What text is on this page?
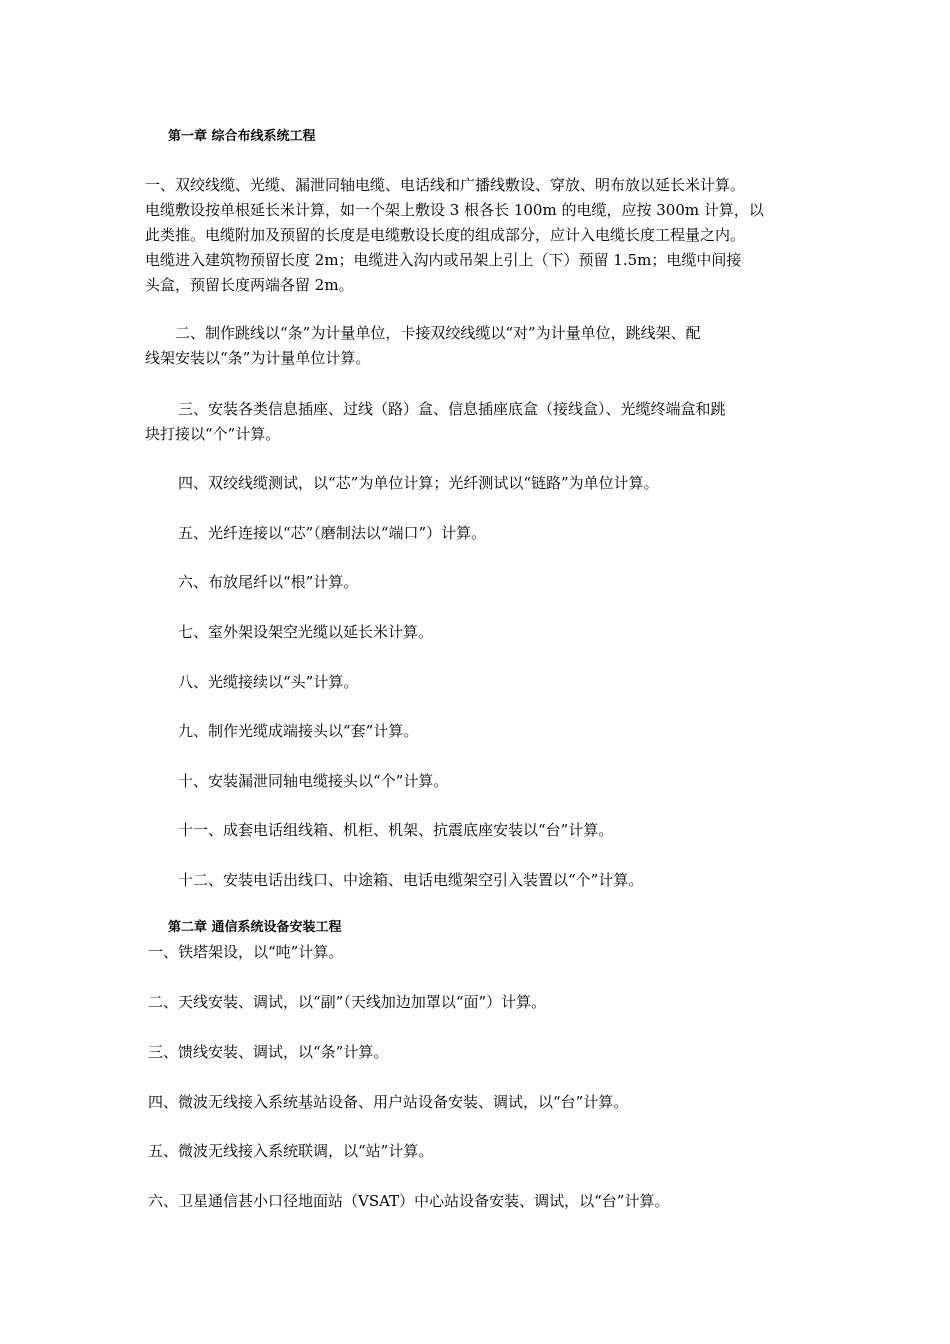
第一章 综合布线系统工程
一、双绞线缆、光缆、漏泄同轴电缆、电话线和广播线敷设、穿放、明布放以延长米计算。
电缆敷设按单根延长米计算，如一个架上敷设 3 根各长 100m 的电缆，应按 300m 计算，以
此类推。电缆附加及预留的长度是电缆敷设长度的组成部分，应计入电缆长度工程量之内。
电缆进入建筑物预留长度 2m；电缆进入沟内或吊架上引上（下）预留 1.5m；电缆中间接
头盒，预留长度两端各留 2m。
二、制作跳线以“条”为计量单位，卡接双绞线缆以“对”为计量单位，跳线架、配
线架安装以“条”为计量单位计算。
三、安装各类信息插座、过线（路）盒、信息插座底盒（接线盒）、光缆终端盒和跳
块打接以“个”计算。
四、双绞线缆测试，以“芯”为单位计算；光纤测试以“链路”为单位计算。
五、光纤连接以“芯”（磨制法以“端口”）计算。
六、布放尾纤以“根”计算。
七、室外架设架空光缆以延长米计算。
八、光缆接续以“头”计算。
九、制作光缆成端接头以“套”计算。
十、安装漏泄同轴电缆接头以“个”计算。
十一、成套电话组线箱、机柜、机架、抗震底座安装以“台”计算。
十二、安装电话出线口、中途箱、电话电缆架空引入装置以“个”计算。
第二章 通信系统设备安装工程
一、铁塔架设，以“吨”计算。
二、天线安装、调试，以“副”（天线加边加罩以“面”）计算。
三、馈线安装、调试，以“条”计算。
四、微波无线接入系统基站设备、用户站设备安装、调试，以“台”计算。
五、微波无线接入系统联调，以“站”计算。
六、卫星通信甚小口径地面站（VSAT）中心站设备安装、调试，以“台”计算。
